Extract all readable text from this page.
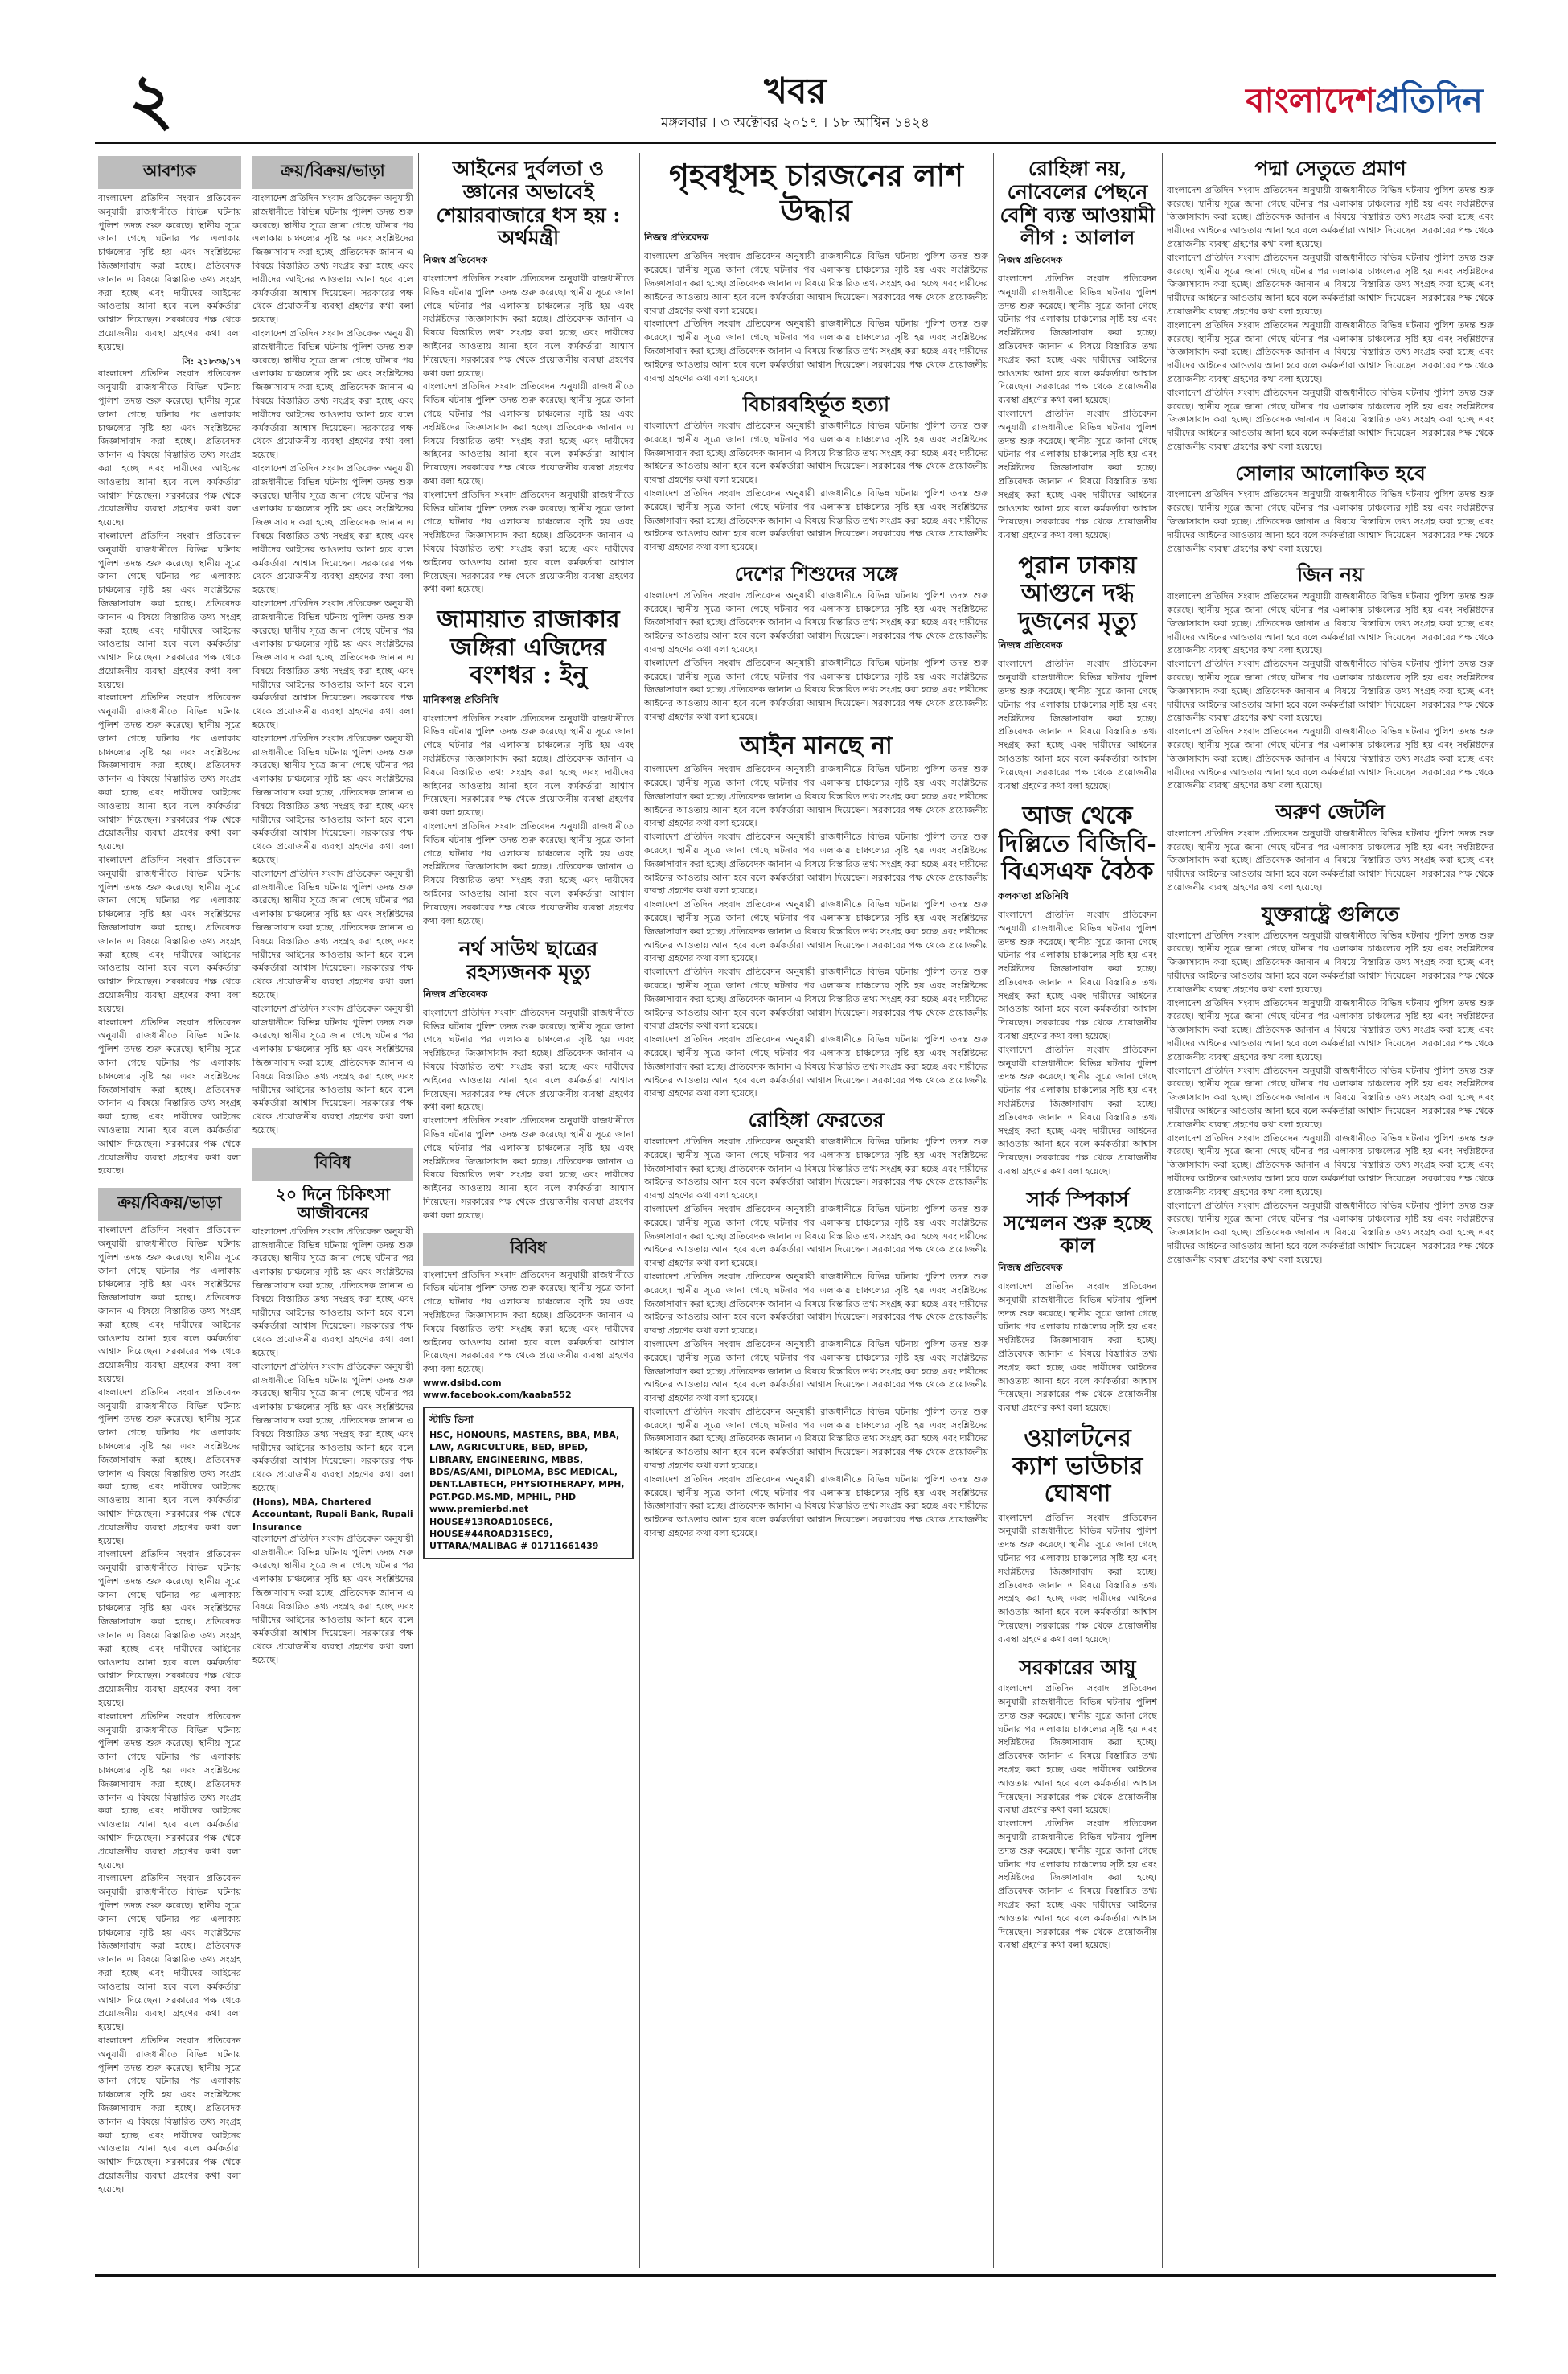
২	খবর
মঙ্গলবার । ৩ অক্টোবর ২০১৭ । ১৮ আশ্বিন ১৪২৪
বাংলাদেশপ্রতিদিন
আবশ্যক
বাংলাদেশ প্রতিদিন সংবাদ প্রতিবেদন অনুযায়ী রাজধানীতে বিভিন্ন ঘটনায় পুলিশ তদন্ত শুরু করেছে। স্থানীয় সূত্রে জানা গেছে ঘটনার পর এলাকায় চাঞ্চল্যের সৃষ্টি হয় এবং সংশ্লিষ্টদের জিজ্ঞাসাবাদ করা হচ্ছে। প্রতিবেদক জানান এ বিষয়ে বিস্তারিত তথ্য সংগ্রহ করা হচ্ছে এবং দায়ীদের আইনের আওতায় আনা হবে বলে কর্মকর্তারা আশ্বাস দিয়েছেন। সরকারের পক্ষ থেকে প্রয়োজনীয় ব্যবস্থা গ্রহণের কথা বলা হয়েছে।
সি: ২১৮৩৬/১৭
বাংলাদেশ প্রতিদিন সংবাদ প্রতিবেদন অনুযায়ী রাজধানীতে বিভিন্ন ঘটনায় পুলিশ তদন্ত শুরু করেছে। স্থানীয় সূত্রে জানা গেছে ঘটনার পর এলাকায় চাঞ্চল্যের সৃষ্টি হয় এবং সংশ্লিষ্টদের জিজ্ঞাসাবাদ করা হচ্ছে। প্রতিবেদক জানান এ বিষয়ে বিস্তারিত তথ্য সংগ্রহ করা হচ্ছে এবং দায়ীদের আইনের আওতায় আনা হবে বলে কর্মকর্তারা আশ্বাস দিয়েছেন। সরকারের পক্ষ থেকে প্রয়োজনীয় ব্যবস্থা গ্রহণের কথা বলা হয়েছে।
বাংলাদেশ প্রতিদিন সংবাদ প্রতিবেদন অনুযায়ী রাজধানীতে বিভিন্ন ঘটনায় পুলিশ তদন্ত শুরু করেছে। স্থানীয় সূত্রে জানা গেছে ঘটনার পর এলাকায় চাঞ্চল্যের সৃষ্টি হয় এবং সংশ্লিষ্টদের জিজ্ঞাসাবাদ করা হচ্ছে। প্রতিবেদক জানান এ বিষয়ে বিস্তারিত তথ্য সংগ্রহ করা হচ্ছে এবং দায়ীদের আইনের আওতায় আনা হবে বলে কর্মকর্তারা আশ্বাস দিয়েছেন। সরকারের পক্ষ থেকে প্রয়োজনীয় ব্যবস্থা গ্রহণের কথা বলা হয়েছে।
বাংলাদেশ প্রতিদিন সংবাদ প্রতিবেদন অনুযায়ী রাজধানীতে বিভিন্ন ঘটনায় পুলিশ তদন্ত শুরু করেছে। স্থানীয় সূত্রে জানা গেছে ঘটনার পর এলাকায় চাঞ্চল্যের সৃষ্টি হয় এবং সংশ্লিষ্টদের জিজ্ঞাসাবাদ করা হচ্ছে। প্রতিবেদক জানান এ বিষয়ে বিস্তারিত তথ্য সংগ্রহ করা হচ্ছে এবং দায়ীদের আইনের আওতায় আনা হবে বলে কর্মকর্তারা আশ্বাস দিয়েছেন। সরকারের পক্ষ থেকে প্রয়োজনীয় ব্যবস্থা গ্রহণের কথা বলা হয়েছে।
বাংলাদেশ প্রতিদিন সংবাদ প্রতিবেদন অনুযায়ী রাজধানীতে বিভিন্ন ঘটনায় পুলিশ তদন্ত শুরু করেছে। স্থানীয় সূত্রে জানা গেছে ঘটনার পর এলাকায় চাঞ্চল্যের সৃষ্টি হয় এবং সংশ্লিষ্টদের জিজ্ঞাসাবাদ করা হচ্ছে। প্রতিবেদক জানান এ বিষয়ে বিস্তারিত তথ্য সংগ্রহ করা হচ্ছে এবং দায়ীদের আইনের আওতায় আনা হবে বলে কর্মকর্তারা আশ্বাস দিয়েছেন। সরকারের পক্ষ থেকে প্রয়োজনীয় ব্যবস্থা গ্রহণের কথা বলা হয়েছে।
বাংলাদেশ প্রতিদিন সংবাদ প্রতিবেদন অনুযায়ী রাজধানীতে বিভিন্ন ঘটনায় পুলিশ তদন্ত শুরু করেছে। স্থানীয় সূত্রে জানা গেছে ঘটনার পর এলাকায় চাঞ্চল্যের সৃষ্টি হয় এবং সংশ্লিষ্টদের জিজ্ঞাসাবাদ করা হচ্ছে। প্রতিবেদক জানান এ বিষয়ে বিস্তারিত তথ্য সংগ্রহ করা হচ্ছে এবং দায়ীদের আইনের আওতায় আনা হবে বলে কর্মকর্তারা আশ্বাস দিয়েছেন। সরকারের পক্ষ থেকে প্রয়োজনীয় ব্যবস্থা গ্রহণের কথা বলা হয়েছে।
ক্রয়/বিক্রয়/ভাড়া
বাংলাদেশ প্রতিদিন সংবাদ প্রতিবেদন অনুযায়ী রাজধানীতে বিভিন্ন ঘটনায় পুলিশ তদন্ত শুরু করেছে। স্থানীয় সূত্রে জানা গেছে ঘটনার পর এলাকায় চাঞ্চল্যের সৃষ্টি হয় এবং সংশ্লিষ্টদের জিজ্ঞাসাবাদ করা হচ্ছে। প্রতিবেদক জানান এ বিষয়ে বিস্তারিত তথ্য সংগ্রহ করা হচ্ছে এবং দায়ীদের আইনের আওতায় আনা হবে বলে কর্মকর্তারা আশ্বাস দিয়েছেন। সরকারের পক্ষ থেকে প্রয়োজনীয় ব্যবস্থা গ্রহণের কথা বলা হয়েছে।
বাংলাদেশ প্রতিদিন সংবাদ প্রতিবেদন অনুযায়ী রাজধানীতে বিভিন্ন ঘটনায় পুলিশ তদন্ত শুরু করেছে। স্থানীয় সূত্রে জানা গেছে ঘটনার পর এলাকায় চাঞ্চল্যের সৃষ্টি হয় এবং সংশ্লিষ্টদের জিজ্ঞাসাবাদ করা হচ্ছে। প্রতিবেদক জানান এ বিষয়ে বিস্তারিত তথ্য সংগ্রহ করা হচ্ছে এবং দায়ীদের আইনের আওতায় আনা হবে বলে কর্মকর্তারা আশ্বাস দিয়েছেন। সরকারের পক্ষ থেকে প্রয়োজনীয় ব্যবস্থা গ্রহণের কথা বলা হয়েছে।
বাংলাদেশ প্রতিদিন সংবাদ প্রতিবেদন অনুযায়ী রাজধানীতে বিভিন্ন ঘটনায় পুলিশ তদন্ত শুরু করেছে। স্থানীয় সূত্রে জানা গেছে ঘটনার পর এলাকায় চাঞ্চল্যের সৃষ্টি হয় এবং সংশ্লিষ্টদের জিজ্ঞাসাবাদ করা হচ্ছে। প্রতিবেদক জানান এ বিষয়ে বিস্তারিত তথ্য সংগ্রহ করা হচ্ছে এবং দায়ীদের আইনের আওতায় আনা হবে বলে কর্মকর্তারা আশ্বাস দিয়েছেন। সরকারের পক্ষ থেকে প্রয়োজনীয় ব্যবস্থা গ্রহণের কথা বলা হয়েছে।
বাংলাদেশ প্রতিদিন সংবাদ প্রতিবেদন অনুযায়ী রাজধানীতে বিভিন্ন ঘটনায় পুলিশ তদন্ত শুরু করেছে। স্থানীয় সূত্রে জানা গেছে ঘটনার পর এলাকায় চাঞ্চল্যের সৃষ্টি হয় এবং সংশ্লিষ্টদের জিজ্ঞাসাবাদ করা হচ্ছে। প্রতিবেদক জানান এ বিষয়ে বিস্তারিত তথ্য সংগ্রহ করা হচ্ছে এবং দায়ীদের আইনের আওতায় আনা হবে বলে কর্মকর্তারা আশ্বাস দিয়েছেন। সরকারের পক্ষ থেকে প্রয়োজনীয় ব্যবস্থা গ্রহণের কথা বলা হয়েছে।
বাংলাদেশ প্রতিদিন সংবাদ প্রতিবেদন অনুযায়ী রাজধানীতে বিভিন্ন ঘটনায় পুলিশ তদন্ত শুরু করেছে। স্থানীয় সূত্রে জানা গেছে ঘটনার পর এলাকায় চাঞ্চল্যের সৃষ্টি হয় এবং সংশ্লিষ্টদের জিজ্ঞাসাবাদ করা হচ্ছে। প্রতিবেদক জানান এ বিষয়ে বিস্তারিত তথ্য সংগ্রহ করা হচ্ছে এবং দায়ীদের আইনের আওতায় আনা হবে বলে কর্মকর্তারা আশ্বাস দিয়েছেন। সরকারের পক্ষ থেকে প্রয়োজনীয় ব্যবস্থা গ্রহণের কথা বলা হয়েছে।
বাংলাদেশ প্রতিদিন সংবাদ প্রতিবেদন অনুযায়ী রাজধানীতে বিভিন্ন ঘটনায় পুলিশ তদন্ত শুরু করেছে। স্থানীয় সূত্রে জানা গেছে ঘটনার পর এলাকায় চাঞ্চল্যের সৃষ্টি হয় এবং সংশ্লিষ্টদের জিজ্ঞাসাবাদ করা হচ্ছে। প্রতিবেদক জানান এ বিষয়ে বিস্তারিত তথ্য সংগ্রহ করা হচ্ছে এবং দায়ীদের আইনের আওতায় আনা হবে বলে কর্মকর্তারা আশ্বাস দিয়েছেন। সরকারের পক্ষ থেকে প্রয়োজনীয় ব্যবস্থা গ্রহণের কথা বলা হয়েছে।
ক্রয়/বিক্রয়/ভাড়া
বাংলাদেশ প্রতিদিন সংবাদ প্রতিবেদন অনুযায়ী রাজধানীতে বিভিন্ন ঘটনায় পুলিশ তদন্ত শুরু করেছে। স্থানীয় সূত্রে জানা গেছে ঘটনার পর এলাকায় চাঞ্চল্যের সৃষ্টি হয় এবং সংশ্লিষ্টদের জিজ্ঞাসাবাদ করা হচ্ছে। প্রতিবেদক জানান এ বিষয়ে বিস্তারিত তথ্য সংগ্রহ করা হচ্ছে এবং দায়ীদের আইনের আওতায় আনা হবে বলে কর্মকর্তারা আশ্বাস দিয়েছেন। সরকারের পক্ষ থেকে প্রয়োজনীয় ব্যবস্থা গ্রহণের কথা বলা হয়েছে।
বাংলাদেশ প্রতিদিন সংবাদ প্রতিবেদন অনুযায়ী রাজধানীতে বিভিন্ন ঘটনায় পুলিশ তদন্ত শুরু করেছে। স্থানীয় সূত্রে জানা গেছে ঘটনার পর এলাকায় চাঞ্চল্যের সৃষ্টি হয় এবং সংশ্লিষ্টদের জিজ্ঞাসাবাদ করা হচ্ছে। প্রতিবেদক জানান এ বিষয়ে বিস্তারিত তথ্য সংগ্রহ করা হচ্ছে এবং দায়ীদের আইনের আওতায় আনা হবে বলে কর্মকর্তারা আশ্বাস দিয়েছেন। সরকারের পক্ষ থেকে প্রয়োজনীয় ব্যবস্থা গ্রহণের কথা বলা হয়েছে।
বাংলাদেশ প্রতিদিন সংবাদ প্রতিবেদন অনুযায়ী রাজধানীতে বিভিন্ন ঘটনায় পুলিশ তদন্ত শুরু করেছে। স্থানীয় সূত্রে জানা গেছে ঘটনার পর এলাকায় চাঞ্চল্যের সৃষ্টি হয় এবং সংশ্লিষ্টদের জিজ্ঞাসাবাদ করা হচ্ছে। প্রতিবেদক জানান এ বিষয়ে বিস্তারিত তথ্য সংগ্রহ করা হচ্ছে এবং দায়ীদের আইনের আওতায় আনা হবে বলে কর্মকর্তারা আশ্বাস দিয়েছেন। সরকারের পক্ষ থেকে প্রয়োজনীয় ব্যবস্থা গ্রহণের কথা বলা হয়েছে।
বাংলাদেশ প্রতিদিন সংবাদ প্রতিবেদন অনুযায়ী রাজধানীতে বিভিন্ন ঘটনায় পুলিশ তদন্ত শুরু করেছে। স্থানীয় সূত্রে জানা গেছে ঘটনার পর এলাকায় চাঞ্চল্যের সৃষ্টি হয় এবং সংশ্লিষ্টদের জিজ্ঞাসাবাদ করা হচ্ছে। প্রতিবেদক জানান এ বিষয়ে বিস্তারিত তথ্য সংগ্রহ করা হচ্ছে এবং দায়ীদের আইনের আওতায় আনা হবে বলে কর্মকর্তারা আশ্বাস দিয়েছেন। সরকারের পক্ষ থেকে প্রয়োজনীয় ব্যবস্থা গ্রহণের কথা বলা হয়েছে।
বাংলাদেশ প্রতিদিন সংবাদ প্রতিবেদন অনুযায়ী রাজধানীতে বিভিন্ন ঘটনায় পুলিশ তদন্ত শুরু করেছে। স্থানীয় সূত্রে জানা গেছে ঘটনার পর এলাকায় চাঞ্চল্যের সৃষ্টি হয় এবং সংশ্লিষ্টদের জিজ্ঞাসাবাদ করা হচ্ছে। প্রতিবেদক জানান এ বিষয়ে বিস্তারিত তথ্য সংগ্রহ করা হচ্ছে এবং দায়ীদের আইনের আওতায় আনা হবে বলে কর্মকর্তারা আশ্বাস দিয়েছেন। সরকারের পক্ষ থেকে প্রয়োজনীয় ব্যবস্থা গ্রহণের কথা বলা হয়েছে।
বাংলাদেশ প্রতিদিন সংবাদ প্রতিবেদন অনুযায়ী রাজধানীতে বিভিন্ন ঘটনায় পুলিশ তদন্ত শুরু করেছে। স্থানীয় সূত্রে জানা গেছে ঘটনার পর এলাকায় চাঞ্চল্যের সৃষ্টি হয় এবং সংশ্লিষ্টদের জিজ্ঞাসাবাদ করা হচ্ছে। প্রতিবেদক জানান এ বিষয়ে বিস্তারিত তথ্য সংগ্রহ করা হচ্ছে এবং দায়ীদের আইনের আওতায় আনা হবে বলে কর্মকর্তারা আশ্বাস দিয়েছেন। সরকারের পক্ষ থেকে প্রয়োজনীয় ব্যবস্থা গ্রহণের কথা বলা হয়েছে।
বাংলাদেশ প্রতিদিন সংবাদ প্রতিবেদন অনুযায়ী রাজধানীতে বিভিন্ন ঘটনায় পুলিশ তদন্ত শুরু করেছে। স্থানীয় সূত্রে জানা গেছে ঘটনার পর এলাকায় চাঞ্চল্যের সৃষ্টি হয় এবং সংশ্লিষ্টদের জিজ্ঞাসাবাদ করা হচ্ছে। প্রতিবেদক জানান এ বিষয়ে বিস্তারিত তথ্য সংগ্রহ করা হচ্ছে এবং দায়ীদের আইনের আওতায় আনা হবে বলে কর্মকর্তারা আশ্বাস দিয়েছেন। সরকারের পক্ষ থেকে প্রয়োজনীয় ব্যবস্থা গ্রহণের কথা বলা হয়েছে।
বিবিধ
২০ দিনে চিকিৎসা আজীবনের
বাংলাদেশ প্রতিদিন সংবাদ প্রতিবেদন অনুযায়ী রাজধানীতে বিভিন্ন ঘটনায় পুলিশ তদন্ত শুরু করেছে। স্থানীয় সূত্রে জানা গেছে ঘটনার পর এলাকায় চাঞ্চল্যের সৃষ্টি হয় এবং সংশ্লিষ্টদের জিজ্ঞাসাবাদ করা হচ্ছে। প্রতিবেদক জানান এ বিষয়ে বিস্তারিত তথ্য সংগ্রহ করা হচ্ছে এবং দায়ীদের আইনের আওতায় আনা হবে বলে কর্মকর্তারা আশ্বাস দিয়েছেন। সরকারের পক্ষ থেকে প্রয়োজনীয় ব্যবস্থা গ্রহণের কথা বলা হয়েছে।
বাংলাদেশ প্রতিদিন সংবাদ প্রতিবেদন অনুযায়ী রাজধানীতে বিভিন্ন ঘটনায় পুলিশ তদন্ত শুরু করেছে। স্থানীয় সূত্রে জানা গেছে ঘটনার পর এলাকায় চাঞ্চল্যের সৃষ্টি হয় এবং সংশ্লিষ্টদের জিজ্ঞাসাবাদ করা হচ্ছে। প্রতিবেদক জানান এ বিষয়ে বিস্তারিত তথ্য সংগ্রহ করা হচ্ছে এবং দায়ীদের আইনের আওতায় আনা হবে বলে কর্মকর্তারা আশ্বাস দিয়েছেন। সরকারের পক্ষ থেকে প্রয়োজনীয় ব্যবস্থা গ্রহণের কথা বলা হয়েছে।
(Hons), MBA, Chartered Accountant, Rupali Bank, Rupali Insurance
বাংলাদেশ প্রতিদিন সংবাদ প্রতিবেদন অনুযায়ী রাজধানীতে বিভিন্ন ঘটনায় পুলিশ তদন্ত শুরু করেছে। স্থানীয় সূত্রে জানা গেছে ঘটনার পর এলাকায় চাঞ্চল্যের সৃষ্টি হয় এবং সংশ্লিষ্টদের জিজ্ঞাসাবাদ করা হচ্ছে। প্রতিবেদক জানান এ বিষয়ে বিস্তারিত তথ্য সংগ্রহ করা হচ্ছে এবং দায়ীদের আইনের আওতায় আনা হবে বলে কর্মকর্তারা আশ্বাস দিয়েছেন। সরকারের পক্ষ থেকে প্রয়োজনীয় ব্যবস্থা গ্রহণের কথা বলা হয়েছে।
আইনের দুর্বলতা ও জ্ঞানের অভাবেই শেয়ারবাজারে ধস হয় : অর্থমন্ত্রী
নিজস্ব প্রতিবেদক
বাংলাদেশ প্রতিদিন সংবাদ প্রতিবেদন অনুযায়ী রাজধানীতে বিভিন্ন ঘটনায় পুলিশ তদন্ত শুরু করেছে। স্থানীয় সূত্রে জানা গেছে ঘটনার পর এলাকায় চাঞ্চল্যের সৃষ্টি হয় এবং সংশ্লিষ্টদের জিজ্ঞাসাবাদ করা হচ্ছে। প্রতিবেদক জানান এ বিষয়ে বিস্তারিত তথ্য সংগ্রহ করা হচ্ছে এবং দায়ীদের আইনের আওতায় আনা হবে বলে কর্মকর্তারা আশ্বাস দিয়েছেন। সরকারের পক্ষ থেকে প্রয়োজনীয় ব্যবস্থা গ্রহণের কথা বলা হয়েছে।
বাংলাদেশ প্রতিদিন সংবাদ প্রতিবেদন অনুযায়ী রাজধানীতে বিভিন্ন ঘটনায় পুলিশ তদন্ত শুরু করেছে। স্থানীয় সূত্রে জানা গেছে ঘটনার পর এলাকায় চাঞ্চল্যের সৃষ্টি হয় এবং সংশ্লিষ্টদের জিজ্ঞাসাবাদ করা হচ্ছে। প্রতিবেদক জানান এ বিষয়ে বিস্তারিত তথ্য সংগ্রহ করা হচ্ছে এবং দায়ীদের আইনের আওতায় আনা হবে বলে কর্মকর্তারা আশ্বাস দিয়েছেন। সরকারের পক্ষ থেকে প্রয়োজনীয় ব্যবস্থা গ্রহণের কথা বলা হয়েছে।
বাংলাদেশ প্রতিদিন সংবাদ প্রতিবেদন অনুযায়ী রাজধানীতে বিভিন্ন ঘটনায় পুলিশ তদন্ত শুরু করেছে। স্থানীয় সূত্রে জানা গেছে ঘটনার পর এলাকায় চাঞ্চল্যের সৃষ্টি হয় এবং সংশ্লিষ্টদের জিজ্ঞাসাবাদ করা হচ্ছে। প্রতিবেদক জানান এ বিষয়ে বিস্তারিত তথ্য সংগ্রহ করা হচ্ছে এবং দায়ীদের আইনের আওতায় আনা হবে বলে কর্মকর্তারা আশ্বাস দিয়েছেন। সরকারের পক্ষ থেকে প্রয়োজনীয় ব্যবস্থা গ্রহণের কথা বলা হয়েছে।
জামায়াত রাজাকার জঙ্গিরা এজিদের বংশধর : ইনু
মানিকগঞ্জ প্রতিনিধি
বাংলাদেশ প্রতিদিন সংবাদ প্রতিবেদন অনুযায়ী রাজধানীতে বিভিন্ন ঘটনায় পুলিশ তদন্ত শুরু করেছে। স্থানীয় সূত্রে জানা গেছে ঘটনার পর এলাকায় চাঞ্চল্যের সৃষ্টি হয় এবং সংশ্লিষ্টদের জিজ্ঞাসাবাদ করা হচ্ছে। প্রতিবেদক জানান এ বিষয়ে বিস্তারিত তথ্য সংগ্রহ করা হচ্ছে এবং দায়ীদের আইনের আওতায় আনা হবে বলে কর্মকর্তারা আশ্বাস দিয়েছেন। সরকারের পক্ষ থেকে প্রয়োজনীয় ব্যবস্থা গ্রহণের কথা বলা হয়েছে।
বাংলাদেশ প্রতিদিন সংবাদ প্রতিবেদন অনুযায়ী রাজধানীতে বিভিন্ন ঘটনায় পুলিশ তদন্ত শুরু করেছে। স্থানীয় সূত্রে জানা গেছে ঘটনার পর এলাকায় চাঞ্চল্যের সৃষ্টি হয় এবং সংশ্লিষ্টদের জিজ্ঞাসাবাদ করা হচ্ছে। প্রতিবেদক জানান এ বিষয়ে বিস্তারিত তথ্য সংগ্রহ করা হচ্ছে এবং দায়ীদের আইনের আওতায় আনা হবে বলে কর্মকর্তারা আশ্বাস দিয়েছেন। সরকারের পক্ষ থেকে প্রয়োজনীয় ব্যবস্থা গ্রহণের কথা বলা হয়েছে।
নর্থ সাউথ ছাত্রের রহস্যজনক মৃত্যু
নিজস্ব প্রতিবেদক
বাংলাদেশ প্রতিদিন সংবাদ প্রতিবেদন অনুযায়ী রাজধানীতে বিভিন্ন ঘটনায় পুলিশ তদন্ত শুরু করেছে। স্থানীয় সূত্রে জানা গেছে ঘটনার পর এলাকায় চাঞ্চল্যের সৃষ্টি হয় এবং সংশ্লিষ্টদের জিজ্ঞাসাবাদ করা হচ্ছে। প্রতিবেদক জানান এ বিষয়ে বিস্তারিত তথ্য সংগ্রহ করা হচ্ছে এবং দায়ীদের আইনের আওতায় আনা হবে বলে কর্মকর্তারা আশ্বাস দিয়েছেন। সরকারের পক্ষ থেকে প্রয়োজনীয় ব্যবস্থা গ্রহণের কথা বলা হয়েছে।
বাংলাদেশ প্রতিদিন সংবাদ প্রতিবেদন অনুযায়ী রাজধানীতে বিভিন্ন ঘটনায় পুলিশ তদন্ত শুরু করেছে। স্থানীয় সূত্রে জানা গেছে ঘটনার পর এলাকায় চাঞ্চল্যের সৃষ্টি হয় এবং সংশ্লিষ্টদের জিজ্ঞাসাবাদ করা হচ্ছে। প্রতিবেদক জানান এ বিষয়ে বিস্তারিত তথ্য সংগ্রহ করা হচ্ছে এবং দায়ীদের আইনের আওতায় আনা হবে বলে কর্মকর্তারা আশ্বাস দিয়েছেন। সরকারের পক্ষ থেকে প্রয়োজনীয় ব্যবস্থা গ্রহণের কথা বলা হয়েছে।
বিবিধ
বাংলাদেশ প্রতিদিন সংবাদ প্রতিবেদন অনুযায়ী রাজধানীতে বিভিন্ন ঘটনায় পুলিশ তদন্ত শুরু করেছে। স্থানীয় সূত্রে জানা গেছে ঘটনার পর এলাকায় চাঞ্চল্যের সৃষ্টি হয় এবং সংশ্লিষ্টদের জিজ্ঞাসাবাদ করা হচ্ছে। প্রতিবেদক জানান এ বিষয়ে বিস্তারিত তথ্য সংগ্রহ করা হচ্ছে এবং দায়ীদের আইনের আওতায় আনা হবে বলে কর্মকর্তারা আশ্বাস দিয়েছেন। সরকারের পক্ষ থেকে প্রয়োজনীয় ব্যবস্থা গ্রহণের কথা বলা হয়েছে।
www.dsibd.com
www.facebook.com/kaaba552
স্টাডি ভিসা
HSC, HONOURS, MASTERS, BBA, MBA, LAW, AGRICULTURE, BED, BPED, LIBRARY, ENGINEERING, MBBS, BDS/AS/AMI, DIPLOMA, BSC MEDICAL, DENT.LABTECH, PHYSIOTHERAPY, MPH, PGT.PGD.MS.MD, MPHIL, PHD
www.premierbd.net
HOUSE#13ROAD10SEC6, HOUSE#44ROAD31SEC9, UTTARA/MALIBAG # 01711661439
গৃহবধূসহ চারজনের লাশ উদ্ধার
নিজস্ব প্রতিবেদক
বাংলাদেশ প্রতিদিন সংবাদ প্রতিবেদন অনুযায়ী রাজধানীতে বিভিন্ন ঘটনায় পুলিশ তদন্ত শুরু করেছে। স্থানীয় সূত্রে জানা গেছে ঘটনার পর এলাকায় চাঞ্চল্যের সৃষ্টি হয় এবং সংশ্লিষ্টদের জিজ্ঞাসাবাদ করা হচ্ছে। প্রতিবেদক জানান এ বিষয়ে বিস্তারিত তথ্য সংগ্রহ করা হচ্ছে এবং দায়ীদের আইনের আওতায় আনা হবে বলে কর্মকর্তারা আশ্বাস দিয়েছেন। সরকারের পক্ষ থেকে প্রয়োজনীয় ব্যবস্থা গ্রহণের কথা বলা হয়েছে।
বাংলাদেশ প্রতিদিন সংবাদ প্রতিবেদন অনুযায়ী রাজধানীতে বিভিন্ন ঘটনায় পুলিশ তদন্ত শুরু করেছে। স্থানীয় সূত্রে জানা গেছে ঘটনার পর এলাকায় চাঞ্চল্যের সৃষ্টি হয় এবং সংশ্লিষ্টদের জিজ্ঞাসাবাদ করা হচ্ছে। প্রতিবেদক জানান এ বিষয়ে বিস্তারিত তথ্য সংগ্রহ করা হচ্ছে এবং দায়ীদের আইনের আওতায় আনা হবে বলে কর্মকর্তারা আশ্বাস দিয়েছেন। সরকারের পক্ষ থেকে প্রয়োজনীয় ব্যবস্থা গ্রহণের কথা বলা হয়েছে।
বিচারবহির্ভূত হত্যা
বাংলাদেশ প্রতিদিন সংবাদ প্রতিবেদন অনুযায়ী রাজধানীতে বিভিন্ন ঘটনায় পুলিশ তদন্ত শুরু করেছে। স্থানীয় সূত্রে জানা গেছে ঘটনার পর এলাকায় চাঞ্চল্যের সৃষ্টি হয় এবং সংশ্লিষ্টদের জিজ্ঞাসাবাদ করা হচ্ছে। প্রতিবেদক জানান এ বিষয়ে বিস্তারিত তথ্য সংগ্রহ করা হচ্ছে এবং দায়ীদের আইনের আওতায় আনা হবে বলে কর্মকর্তারা আশ্বাস দিয়েছেন। সরকারের পক্ষ থেকে প্রয়োজনীয় ব্যবস্থা গ্রহণের কথা বলা হয়েছে।
বাংলাদেশ প্রতিদিন সংবাদ প্রতিবেদন অনুযায়ী রাজধানীতে বিভিন্ন ঘটনায় পুলিশ তদন্ত শুরু করেছে। স্থানীয় সূত্রে জানা গেছে ঘটনার পর এলাকায় চাঞ্চল্যের সৃষ্টি হয় এবং সংশ্লিষ্টদের জিজ্ঞাসাবাদ করা হচ্ছে। প্রতিবেদক জানান এ বিষয়ে বিস্তারিত তথ্য সংগ্রহ করা হচ্ছে এবং দায়ীদের আইনের আওতায় আনা হবে বলে কর্মকর্তারা আশ্বাস দিয়েছেন। সরকারের পক্ষ থেকে প্রয়োজনীয় ব্যবস্থা গ্রহণের কথা বলা হয়েছে।
দেশের শিশুদের সঙ্গে
বাংলাদেশ প্রতিদিন সংবাদ প্রতিবেদন অনুযায়ী রাজধানীতে বিভিন্ন ঘটনায় পুলিশ তদন্ত শুরু করেছে। স্থানীয় সূত্রে জানা গেছে ঘটনার পর এলাকায় চাঞ্চল্যের সৃষ্টি হয় এবং সংশ্লিষ্টদের জিজ্ঞাসাবাদ করা হচ্ছে। প্রতিবেদক জানান এ বিষয়ে বিস্তারিত তথ্য সংগ্রহ করা হচ্ছে এবং দায়ীদের আইনের আওতায় আনা হবে বলে কর্মকর্তারা আশ্বাস দিয়েছেন। সরকারের পক্ষ থেকে প্রয়োজনীয় ব্যবস্থা গ্রহণের কথা বলা হয়েছে।
বাংলাদেশ প্রতিদিন সংবাদ প্রতিবেদন অনুযায়ী রাজধানীতে বিভিন্ন ঘটনায় পুলিশ তদন্ত শুরু করেছে। স্থানীয় সূত্রে জানা গেছে ঘটনার পর এলাকায় চাঞ্চল্যের সৃষ্টি হয় এবং সংশ্লিষ্টদের জিজ্ঞাসাবাদ করা হচ্ছে। প্রতিবেদক জানান এ বিষয়ে বিস্তারিত তথ্য সংগ্রহ করা হচ্ছে এবং দায়ীদের আইনের আওতায় আনা হবে বলে কর্মকর্তারা আশ্বাস দিয়েছেন। সরকারের পক্ষ থেকে প্রয়োজনীয় ব্যবস্থা গ্রহণের কথা বলা হয়েছে।
আইন মানছে না
বাংলাদেশ প্রতিদিন সংবাদ প্রতিবেদন অনুযায়ী রাজধানীতে বিভিন্ন ঘটনায় পুলিশ তদন্ত শুরু করেছে। স্থানীয় সূত্রে জানা গেছে ঘটনার পর এলাকায় চাঞ্চল্যের সৃষ্টি হয় এবং সংশ্লিষ্টদের জিজ্ঞাসাবাদ করা হচ্ছে। প্রতিবেদক জানান এ বিষয়ে বিস্তারিত তথ্য সংগ্রহ করা হচ্ছে এবং দায়ীদের আইনের আওতায় আনা হবে বলে কর্মকর্তারা আশ্বাস দিয়েছেন। সরকারের পক্ষ থেকে প্রয়োজনীয় ব্যবস্থা গ্রহণের কথা বলা হয়েছে।
বাংলাদেশ প্রতিদিন সংবাদ প্রতিবেদন অনুযায়ী রাজধানীতে বিভিন্ন ঘটনায় পুলিশ তদন্ত শুরু করেছে। স্থানীয় সূত্রে জানা গেছে ঘটনার পর এলাকায় চাঞ্চল্যের সৃষ্টি হয় এবং সংশ্লিষ্টদের জিজ্ঞাসাবাদ করা হচ্ছে। প্রতিবেদক জানান এ বিষয়ে বিস্তারিত তথ্য সংগ্রহ করা হচ্ছে এবং দায়ীদের আইনের আওতায় আনা হবে বলে কর্মকর্তারা আশ্বাস দিয়েছেন। সরকারের পক্ষ থেকে প্রয়োজনীয় ব্যবস্থা গ্রহণের কথা বলা হয়েছে।
বাংলাদেশ প্রতিদিন সংবাদ প্রতিবেদন অনুযায়ী রাজধানীতে বিভিন্ন ঘটনায় পুলিশ তদন্ত শুরু করেছে। স্থানীয় সূত্রে জানা গেছে ঘটনার পর এলাকায় চাঞ্চল্যের সৃষ্টি হয় এবং সংশ্লিষ্টদের জিজ্ঞাসাবাদ করা হচ্ছে। প্রতিবেদক জানান এ বিষয়ে বিস্তারিত তথ্য সংগ্রহ করা হচ্ছে এবং দায়ীদের আইনের আওতায় আনা হবে বলে কর্মকর্তারা আশ্বাস দিয়েছেন। সরকারের পক্ষ থেকে প্রয়োজনীয় ব্যবস্থা গ্রহণের কথা বলা হয়েছে।
বাংলাদেশ প্রতিদিন সংবাদ প্রতিবেদন অনুযায়ী রাজধানীতে বিভিন্ন ঘটনায় পুলিশ তদন্ত শুরু করেছে। স্থানীয় সূত্রে জানা গেছে ঘটনার পর এলাকায় চাঞ্চল্যের সৃষ্টি হয় এবং সংশ্লিষ্টদের জিজ্ঞাসাবাদ করা হচ্ছে। প্রতিবেদক জানান এ বিষয়ে বিস্তারিত তথ্য সংগ্রহ করা হচ্ছে এবং দায়ীদের আইনের আওতায় আনা হবে বলে কর্মকর্তারা আশ্বাস দিয়েছেন। সরকারের পক্ষ থেকে প্রয়োজনীয় ব্যবস্থা গ্রহণের কথা বলা হয়েছে।
বাংলাদেশ প্রতিদিন সংবাদ প্রতিবেদন অনুযায়ী রাজধানীতে বিভিন্ন ঘটনায় পুলিশ তদন্ত শুরু করেছে। স্থানীয় সূত্রে জানা গেছে ঘটনার পর এলাকায় চাঞ্চল্যের সৃষ্টি হয় এবং সংশ্লিষ্টদের জিজ্ঞাসাবাদ করা হচ্ছে। প্রতিবেদক জানান এ বিষয়ে বিস্তারিত তথ্য সংগ্রহ করা হচ্ছে এবং দায়ীদের আইনের আওতায় আনা হবে বলে কর্মকর্তারা আশ্বাস দিয়েছেন। সরকারের পক্ষ থেকে প্রয়োজনীয় ব্যবস্থা গ্রহণের কথা বলা হয়েছে।
রোহিঙ্গা ফেরতের
বাংলাদেশ প্রতিদিন সংবাদ প্রতিবেদন অনুযায়ী রাজধানীতে বিভিন্ন ঘটনায় পুলিশ তদন্ত শুরু করেছে। স্থানীয় সূত্রে জানা গেছে ঘটনার পর এলাকায় চাঞ্চল্যের সৃষ্টি হয় এবং সংশ্লিষ্টদের জিজ্ঞাসাবাদ করা হচ্ছে। প্রতিবেদক জানান এ বিষয়ে বিস্তারিত তথ্য সংগ্রহ করা হচ্ছে এবং দায়ীদের আইনের আওতায় আনা হবে বলে কর্মকর্তারা আশ্বাস দিয়েছেন। সরকারের পক্ষ থেকে প্রয়োজনীয় ব্যবস্থা গ্রহণের কথা বলা হয়েছে।
বাংলাদেশ প্রতিদিন সংবাদ প্রতিবেদন অনুযায়ী রাজধানীতে বিভিন্ন ঘটনায় পুলিশ তদন্ত শুরু করেছে। স্থানীয় সূত্রে জানা গেছে ঘটনার পর এলাকায় চাঞ্চল্যের সৃষ্টি হয় এবং সংশ্লিষ্টদের জিজ্ঞাসাবাদ করা হচ্ছে। প্রতিবেদক জানান এ বিষয়ে বিস্তারিত তথ্য সংগ্রহ করা হচ্ছে এবং দায়ীদের আইনের আওতায় আনা হবে বলে কর্মকর্তারা আশ্বাস দিয়েছেন। সরকারের পক্ষ থেকে প্রয়োজনীয় ব্যবস্থা গ্রহণের কথা বলা হয়েছে।
বাংলাদেশ প্রতিদিন সংবাদ প্রতিবেদন অনুযায়ী রাজধানীতে বিভিন্ন ঘটনায় পুলিশ তদন্ত শুরু করেছে। স্থানীয় সূত্রে জানা গেছে ঘটনার পর এলাকায় চাঞ্চল্যের সৃষ্টি হয় এবং সংশ্লিষ্টদের জিজ্ঞাসাবাদ করা হচ্ছে। প্রতিবেদক জানান এ বিষয়ে বিস্তারিত তথ্য সংগ্রহ করা হচ্ছে এবং দায়ীদের আইনের আওতায় আনা হবে বলে কর্মকর্তারা আশ্বাস দিয়েছেন। সরকারের পক্ষ থেকে প্রয়োজনীয় ব্যবস্থা গ্রহণের কথা বলা হয়েছে।
বাংলাদেশ প্রতিদিন সংবাদ প্রতিবেদন অনুযায়ী রাজধানীতে বিভিন্ন ঘটনায় পুলিশ তদন্ত শুরু করেছে। স্থানীয় সূত্রে জানা গেছে ঘটনার পর এলাকায় চাঞ্চল্যের সৃষ্টি হয় এবং সংশ্লিষ্টদের জিজ্ঞাসাবাদ করা হচ্ছে। প্রতিবেদক জানান এ বিষয়ে বিস্তারিত তথ্য সংগ্রহ করা হচ্ছে এবং দায়ীদের আইনের আওতায় আনা হবে বলে কর্মকর্তারা আশ্বাস দিয়েছেন। সরকারের পক্ষ থেকে প্রয়োজনীয় ব্যবস্থা গ্রহণের কথা বলা হয়েছে।
বাংলাদেশ প্রতিদিন সংবাদ প্রতিবেদন অনুযায়ী রাজধানীতে বিভিন্ন ঘটনায় পুলিশ তদন্ত শুরু করেছে। স্থানীয় সূত্রে জানা গেছে ঘটনার পর এলাকায় চাঞ্চল্যের সৃষ্টি হয় এবং সংশ্লিষ্টদের জিজ্ঞাসাবাদ করা হচ্ছে। প্রতিবেদক জানান এ বিষয়ে বিস্তারিত তথ্য সংগ্রহ করা হচ্ছে এবং দায়ীদের আইনের আওতায় আনা হবে বলে কর্মকর্তারা আশ্বাস দিয়েছেন। সরকারের পক্ষ থেকে প্রয়োজনীয় ব্যবস্থা গ্রহণের কথা বলা হয়েছে।
বাংলাদেশ প্রতিদিন সংবাদ প্রতিবেদন অনুযায়ী রাজধানীতে বিভিন্ন ঘটনায় পুলিশ তদন্ত শুরু করেছে। স্থানীয় সূত্রে জানা গেছে ঘটনার পর এলাকায় চাঞ্চল্যের সৃষ্টি হয় এবং সংশ্লিষ্টদের জিজ্ঞাসাবাদ করা হচ্ছে। প্রতিবেদক জানান এ বিষয়ে বিস্তারিত তথ্য সংগ্রহ করা হচ্ছে এবং দায়ীদের আইনের আওতায় আনা হবে বলে কর্মকর্তারা আশ্বাস দিয়েছেন। সরকারের পক্ষ থেকে প্রয়োজনীয় ব্যবস্থা গ্রহণের কথা বলা হয়েছে।
রোহিঙ্গা নয়, নোবেলের পেছনে বেশি ব্যস্ত আওয়ামী লীগ : আলাল
নিজস্ব প্রতিবেদক
বাংলাদেশ প্রতিদিন সংবাদ প্রতিবেদন অনুযায়ী রাজধানীতে বিভিন্ন ঘটনায় পুলিশ তদন্ত শুরু করেছে। স্থানীয় সূত্রে জানা গেছে ঘটনার পর এলাকায় চাঞ্চল্যের সৃষ্টি হয় এবং সংশ্লিষ্টদের জিজ্ঞাসাবাদ করা হচ্ছে। প্রতিবেদক জানান এ বিষয়ে বিস্তারিত তথ্য সংগ্রহ করা হচ্ছে এবং দায়ীদের আইনের আওতায় আনা হবে বলে কর্মকর্তারা আশ্বাস দিয়েছেন। সরকারের পক্ষ থেকে প্রয়োজনীয় ব্যবস্থা গ্রহণের কথা বলা হয়েছে।
বাংলাদেশ প্রতিদিন সংবাদ প্রতিবেদন অনুযায়ী রাজধানীতে বিভিন্ন ঘটনায় পুলিশ তদন্ত শুরু করেছে। স্থানীয় সূত্রে জানা গেছে ঘটনার পর এলাকায় চাঞ্চল্যের সৃষ্টি হয় এবং সংশ্লিষ্টদের জিজ্ঞাসাবাদ করা হচ্ছে। প্রতিবেদক জানান এ বিষয়ে বিস্তারিত তথ্য সংগ্রহ করা হচ্ছে এবং দায়ীদের আইনের আওতায় আনা হবে বলে কর্মকর্তারা আশ্বাস দিয়েছেন। সরকারের পক্ষ থেকে প্রয়োজনীয় ব্যবস্থা গ্রহণের কথা বলা হয়েছে।
পুরান ঢাকায় আগুনে দগ্ধ দুজনের মৃত্যু
নিজস্ব প্রতিবেদক
বাংলাদেশ প্রতিদিন সংবাদ প্রতিবেদন অনুযায়ী রাজধানীতে বিভিন্ন ঘটনায় পুলিশ তদন্ত শুরু করেছে। স্থানীয় সূত্রে জানা গেছে ঘটনার পর এলাকায় চাঞ্চল্যের সৃষ্টি হয় এবং সংশ্লিষ্টদের জিজ্ঞাসাবাদ করা হচ্ছে। প্রতিবেদক জানান এ বিষয়ে বিস্তারিত তথ্য সংগ্রহ করা হচ্ছে এবং দায়ীদের আইনের আওতায় আনা হবে বলে কর্মকর্তারা আশ্বাস দিয়েছেন। সরকারের পক্ষ থেকে প্রয়োজনীয় ব্যবস্থা গ্রহণের কথা বলা হয়েছে।
আজ থেকে দিল্লিতে বিজিবি-বিএসএফ বৈঠক
কলকাতা প্রতিনিধি
বাংলাদেশ প্রতিদিন সংবাদ প্রতিবেদন অনুযায়ী রাজধানীতে বিভিন্ন ঘটনায় পুলিশ তদন্ত শুরু করেছে। স্থানীয় সূত্রে জানা গেছে ঘটনার পর এলাকায় চাঞ্চল্যের সৃষ্টি হয় এবং সংশ্লিষ্টদের জিজ্ঞাসাবাদ করা হচ্ছে। প্রতিবেদক জানান এ বিষয়ে বিস্তারিত তথ্য সংগ্রহ করা হচ্ছে এবং দায়ীদের আইনের আওতায় আনা হবে বলে কর্মকর্তারা আশ্বাস দিয়েছেন। সরকারের পক্ষ থেকে প্রয়োজনীয় ব্যবস্থা গ্রহণের কথা বলা হয়েছে।
বাংলাদেশ প্রতিদিন সংবাদ প্রতিবেদন অনুযায়ী রাজধানীতে বিভিন্ন ঘটনায় পুলিশ তদন্ত শুরু করেছে। স্থানীয় সূত্রে জানা গেছে ঘটনার পর এলাকায় চাঞ্চল্যের সৃষ্টি হয় এবং সংশ্লিষ্টদের জিজ্ঞাসাবাদ করা হচ্ছে। প্রতিবেদক জানান এ বিষয়ে বিস্তারিত তথ্য সংগ্রহ করা হচ্ছে এবং দায়ীদের আইনের আওতায় আনা হবে বলে কর্মকর্তারা আশ্বাস দিয়েছেন। সরকারের পক্ষ থেকে প্রয়োজনীয় ব্যবস্থা গ্রহণের কথা বলা হয়েছে।
সার্ক স্পিকার্স সম্মেলন শুরু হচ্ছে কাল
নিজস্ব প্রতিবেদক
বাংলাদেশ প্রতিদিন সংবাদ প্রতিবেদন অনুযায়ী রাজধানীতে বিভিন্ন ঘটনায় পুলিশ তদন্ত শুরু করেছে। স্থানীয় সূত্রে জানা গেছে ঘটনার পর এলাকায় চাঞ্চল্যের সৃষ্টি হয় এবং সংশ্লিষ্টদের জিজ্ঞাসাবাদ করা হচ্ছে। প্রতিবেদক জানান এ বিষয়ে বিস্তারিত তথ্য সংগ্রহ করা হচ্ছে এবং দায়ীদের আইনের আওতায় আনা হবে বলে কর্মকর্তারা আশ্বাস দিয়েছেন। সরকারের পক্ষ থেকে প্রয়োজনীয় ব্যবস্থা গ্রহণের কথা বলা হয়েছে।
ওয়ালটনের ক্যাশ ভাউচার ঘোষণা
বাংলাদেশ প্রতিদিন সংবাদ প্রতিবেদন অনুযায়ী রাজধানীতে বিভিন্ন ঘটনায় পুলিশ তদন্ত শুরু করেছে। স্থানীয় সূত্রে জানা গেছে ঘটনার পর এলাকায় চাঞ্চল্যের সৃষ্টি হয় এবং সংশ্লিষ্টদের জিজ্ঞাসাবাদ করা হচ্ছে। প্রতিবেদক জানান এ বিষয়ে বিস্তারিত তথ্য সংগ্রহ করা হচ্ছে এবং দায়ীদের আইনের আওতায় আনা হবে বলে কর্মকর্তারা আশ্বাস দিয়েছেন। সরকারের পক্ষ থেকে প্রয়োজনীয় ব্যবস্থা গ্রহণের কথা বলা হয়েছে।
সরকারের আয়ু
বাংলাদেশ প্রতিদিন সংবাদ প্রতিবেদন অনুযায়ী রাজধানীতে বিভিন্ন ঘটনায় পুলিশ তদন্ত শুরু করেছে। স্থানীয় সূত্রে জানা গেছে ঘটনার পর এলাকায় চাঞ্চল্যের সৃষ্টি হয় এবং সংশ্লিষ্টদের জিজ্ঞাসাবাদ করা হচ্ছে। প্রতিবেদক জানান এ বিষয়ে বিস্তারিত তথ্য সংগ্রহ করা হচ্ছে এবং দায়ীদের আইনের আওতায় আনা হবে বলে কর্মকর্তারা আশ্বাস দিয়েছেন। সরকারের পক্ষ থেকে প্রয়োজনীয় ব্যবস্থা গ্রহণের কথা বলা হয়েছে।
বাংলাদেশ প্রতিদিন সংবাদ প্রতিবেদন অনুযায়ী রাজধানীতে বিভিন্ন ঘটনায় পুলিশ তদন্ত শুরু করেছে। স্থানীয় সূত্রে জানা গেছে ঘটনার পর এলাকায় চাঞ্চল্যের সৃষ্টি হয় এবং সংশ্লিষ্টদের জিজ্ঞাসাবাদ করা হচ্ছে। প্রতিবেদক জানান এ বিষয়ে বিস্তারিত তথ্য সংগ্রহ করা হচ্ছে এবং দায়ীদের আইনের আওতায় আনা হবে বলে কর্মকর্তারা আশ্বাস দিয়েছেন। সরকারের পক্ষ থেকে প্রয়োজনীয় ব্যবস্থা গ্রহণের কথা বলা হয়েছে।
পদ্মা সেতুতে প্রমাণ
বাংলাদেশ প্রতিদিন সংবাদ প্রতিবেদন অনুযায়ী রাজধানীতে বিভিন্ন ঘটনায় পুলিশ তদন্ত শুরু করেছে। স্থানীয় সূত্রে জানা গেছে ঘটনার পর এলাকায় চাঞ্চল্যের সৃষ্টি হয় এবং সংশ্লিষ্টদের জিজ্ঞাসাবাদ করা হচ্ছে। প্রতিবেদক জানান এ বিষয়ে বিস্তারিত তথ্য সংগ্রহ করা হচ্ছে এবং দায়ীদের আইনের আওতায় আনা হবে বলে কর্মকর্তারা আশ্বাস দিয়েছেন। সরকারের পক্ষ থেকে প্রয়োজনীয় ব্যবস্থা গ্রহণের কথা বলা হয়েছে।
বাংলাদেশ প্রতিদিন সংবাদ প্রতিবেদন অনুযায়ী রাজধানীতে বিভিন্ন ঘটনায় পুলিশ তদন্ত শুরু করেছে। স্থানীয় সূত্রে জানা গেছে ঘটনার পর এলাকায় চাঞ্চল্যের সৃষ্টি হয় এবং সংশ্লিষ্টদের জিজ্ঞাসাবাদ করা হচ্ছে। প্রতিবেদক জানান এ বিষয়ে বিস্তারিত তথ্য সংগ্রহ করা হচ্ছে এবং দায়ীদের আইনের আওতায় আনা হবে বলে কর্মকর্তারা আশ্বাস দিয়েছেন। সরকারের পক্ষ থেকে প্রয়োজনীয় ব্যবস্থা গ্রহণের কথা বলা হয়েছে।
বাংলাদেশ প্রতিদিন সংবাদ প্রতিবেদন অনুযায়ী রাজধানীতে বিভিন্ন ঘটনায় পুলিশ তদন্ত শুরু করেছে। স্থানীয় সূত্রে জানা গেছে ঘটনার পর এলাকায় চাঞ্চল্যের সৃষ্টি হয় এবং সংশ্লিষ্টদের জিজ্ঞাসাবাদ করা হচ্ছে। প্রতিবেদক জানান এ বিষয়ে বিস্তারিত তথ্য সংগ্রহ করা হচ্ছে এবং দায়ীদের আইনের আওতায় আনা হবে বলে কর্মকর্তারা আশ্বাস দিয়েছেন। সরকারের পক্ষ থেকে প্রয়োজনীয় ব্যবস্থা গ্রহণের কথা বলা হয়েছে।
বাংলাদেশ প্রতিদিন সংবাদ প্রতিবেদন অনুযায়ী রাজধানীতে বিভিন্ন ঘটনায় পুলিশ তদন্ত শুরু করেছে। স্থানীয় সূত্রে জানা গেছে ঘটনার পর এলাকায় চাঞ্চল্যের সৃষ্টি হয় এবং সংশ্লিষ্টদের জিজ্ঞাসাবাদ করা হচ্ছে। প্রতিবেদক জানান এ বিষয়ে বিস্তারিত তথ্য সংগ্রহ করা হচ্ছে এবং দায়ীদের আইনের আওতায় আনা হবে বলে কর্মকর্তারা আশ্বাস দিয়েছেন। সরকারের পক্ষ থেকে প্রয়োজনীয় ব্যবস্থা গ্রহণের কথা বলা হয়েছে।
সোলার আলোকিত হবে
বাংলাদেশ প্রতিদিন সংবাদ প্রতিবেদন অনুযায়ী রাজধানীতে বিভিন্ন ঘটনায় পুলিশ তদন্ত শুরু করেছে। স্থানীয় সূত্রে জানা গেছে ঘটনার পর এলাকায় চাঞ্চল্যের সৃষ্টি হয় এবং সংশ্লিষ্টদের জিজ্ঞাসাবাদ করা হচ্ছে। প্রতিবেদক জানান এ বিষয়ে বিস্তারিত তথ্য সংগ্রহ করা হচ্ছে এবং দায়ীদের আইনের আওতায় আনা হবে বলে কর্মকর্তারা আশ্বাস দিয়েছেন। সরকারের পক্ষ থেকে প্রয়োজনীয় ব্যবস্থা গ্রহণের কথা বলা হয়েছে।
জিন নয়
বাংলাদেশ প্রতিদিন সংবাদ প্রতিবেদন অনুযায়ী রাজধানীতে বিভিন্ন ঘটনায় পুলিশ তদন্ত শুরু করেছে। স্থানীয় সূত্রে জানা গেছে ঘটনার পর এলাকায় চাঞ্চল্যের সৃষ্টি হয় এবং সংশ্লিষ্টদের জিজ্ঞাসাবাদ করা হচ্ছে। প্রতিবেদক জানান এ বিষয়ে বিস্তারিত তথ্য সংগ্রহ করা হচ্ছে এবং দায়ীদের আইনের আওতায় আনা হবে বলে কর্মকর্তারা আশ্বাস দিয়েছেন। সরকারের পক্ষ থেকে প্রয়োজনীয় ব্যবস্থা গ্রহণের কথা বলা হয়েছে।
বাংলাদেশ প্রতিদিন সংবাদ প্রতিবেদন অনুযায়ী রাজধানীতে বিভিন্ন ঘটনায় পুলিশ তদন্ত শুরু করেছে। স্থানীয় সূত্রে জানা গেছে ঘটনার পর এলাকায় চাঞ্চল্যের সৃষ্টি হয় এবং সংশ্লিষ্টদের জিজ্ঞাসাবাদ করা হচ্ছে। প্রতিবেদক জানান এ বিষয়ে বিস্তারিত তথ্য সংগ্রহ করা হচ্ছে এবং দায়ীদের আইনের আওতায় আনা হবে বলে কর্মকর্তারা আশ্বাস দিয়েছেন। সরকারের পক্ষ থেকে প্রয়োজনীয় ব্যবস্থা গ্রহণের কথা বলা হয়েছে।
বাংলাদেশ প্রতিদিন সংবাদ প্রতিবেদন অনুযায়ী রাজধানীতে বিভিন্ন ঘটনায় পুলিশ তদন্ত শুরু করেছে। স্থানীয় সূত্রে জানা গেছে ঘটনার পর এলাকায় চাঞ্চল্যের সৃষ্টি হয় এবং সংশ্লিষ্টদের জিজ্ঞাসাবাদ করা হচ্ছে। প্রতিবেদক জানান এ বিষয়ে বিস্তারিত তথ্য সংগ্রহ করা হচ্ছে এবং দায়ীদের আইনের আওতায় আনা হবে বলে কর্মকর্তারা আশ্বাস দিয়েছেন। সরকারের পক্ষ থেকে প্রয়োজনীয় ব্যবস্থা গ্রহণের কথা বলা হয়েছে।
অরুণ জেটলি
বাংলাদেশ প্রতিদিন সংবাদ প্রতিবেদন অনুযায়ী রাজধানীতে বিভিন্ন ঘটনায় পুলিশ তদন্ত শুরু করেছে। স্থানীয় সূত্রে জানা গেছে ঘটনার পর এলাকায় চাঞ্চল্যের সৃষ্টি হয় এবং সংশ্লিষ্টদের জিজ্ঞাসাবাদ করা হচ্ছে। প্রতিবেদক জানান এ বিষয়ে বিস্তারিত তথ্য সংগ্রহ করা হচ্ছে এবং দায়ীদের আইনের আওতায় আনা হবে বলে কর্মকর্তারা আশ্বাস দিয়েছেন। সরকারের পক্ষ থেকে প্রয়োজনীয় ব্যবস্থা গ্রহণের কথা বলা হয়েছে।
যুক্তরাষ্ট্রে গুলিতে
বাংলাদেশ প্রতিদিন সংবাদ প্রতিবেদন অনুযায়ী রাজধানীতে বিভিন্ন ঘটনায় পুলিশ তদন্ত শুরু করেছে। স্থানীয় সূত্রে জানা গেছে ঘটনার পর এলাকায় চাঞ্চল্যের সৃষ্টি হয় এবং সংশ্লিষ্টদের জিজ্ঞাসাবাদ করা হচ্ছে। প্রতিবেদক জানান এ বিষয়ে বিস্তারিত তথ্য সংগ্রহ করা হচ্ছে এবং দায়ীদের আইনের আওতায় আনা হবে বলে কর্মকর্তারা আশ্বাস দিয়েছেন। সরকারের পক্ষ থেকে প্রয়োজনীয় ব্যবস্থা গ্রহণের কথা বলা হয়েছে।
বাংলাদেশ প্রতিদিন সংবাদ প্রতিবেদন অনুযায়ী রাজধানীতে বিভিন্ন ঘটনায় পুলিশ তদন্ত শুরু করেছে। স্থানীয় সূত্রে জানা গেছে ঘটনার পর এলাকায় চাঞ্চল্যের সৃষ্টি হয় এবং সংশ্লিষ্টদের জিজ্ঞাসাবাদ করা হচ্ছে। প্রতিবেদক জানান এ বিষয়ে বিস্তারিত তথ্য সংগ্রহ করা হচ্ছে এবং দায়ীদের আইনের আওতায় আনা হবে বলে কর্মকর্তারা আশ্বাস দিয়েছেন। সরকারের পক্ষ থেকে প্রয়োজনীয় ব্যবস্থা গ্রহণের কথা বলা হয়েছে।
বাংলাদেশ প্রতিদিন সংবাদ প্রতিবেদন অনুযায়ী রাজধানীতে বিভিন্ন ঘটনায় পুলিশ তদন্ত শুরু করেছে। স্থানীয় সূত্রে জানা গেছে ঘটনার পর এলাকায় চাঞ্চল্যের সৃষ্টি হয় এবং সংশ্লিষ্টদের জিজ্ঞাসাবাদ করা হচ্ছে। প্রতিবেদক জানান এ বিষয়ে বিস্তারিত তথ্য সংগ্রহ করা হচ্ছে এবং দায়ীদের আইনের আওতায় আনা হবে বলে কর্মকর্তারা আশ্বাস দিয়েছেন। সরকারের পক্ষ থেকে প্রয়োজনীয় ব্যবস্থা গ্রহণের কথা বলা হয়েছে।
বাংলাদেশ প্রতিদিন সংবাদ প্রতিবেদন অনুযায়ী রাজধানীতে বিভিন্ন ঘটনায় পুলিশ তদন্ত শুরু করেছে। স্থানীয় সূত্রে জানা গেছে ঘটনার পর এলাকায় চাঞ্চল্যের সৃষ্টি হয় এবং সংশ্লিষ্টদের জিজ্ঞাসাবাদ করা হচ্ছে। প্রতিবেদক জানান এ বিষয়ে বিস্তারিত তথ্য সংগ্রহ করা হচ্ছে এবং দায়ীদের আইনের আওতায় আনা হবে বলে কর্মকর্তারা আশ্বাস দিয়েছেন। সরকারের পক্ষ থেকে প্রয়োজনীয় ব্যবস্থা গ্রহণের কথা বলা হয়েছে।
বাংলাদেশ প্রতিদিন সংবাদ প্রতিবেদন অনুযায়ী রাজধানীতে বিভিন্ন ঘটনায় পুলিশ তদন্ত শুরু করেছে। স্থানীয় সূত্রে জানা গেছে ঘটনার পর এলাকায় চাঞ্চল্যের সৃষ্টি হয় এবং সংশ্লিষ্টদের জিজ্ঞাসাবাদ করা হচ্ছে। প্রতিবেদক জানান এ বিষয়ে বিস্তারিত তথ্য সংগ্রহ করা হচ্ছে এবং দায়ীদের আইনের আওতায় আনা হবে বলে কর্মকর্তারা আশ্বাস দিয়েছেন। সরকারের পক্ষ থেকে প্রয়োজনীয় ব্যবস্থা গ্রহণের কথা বলা হয়েছে।
